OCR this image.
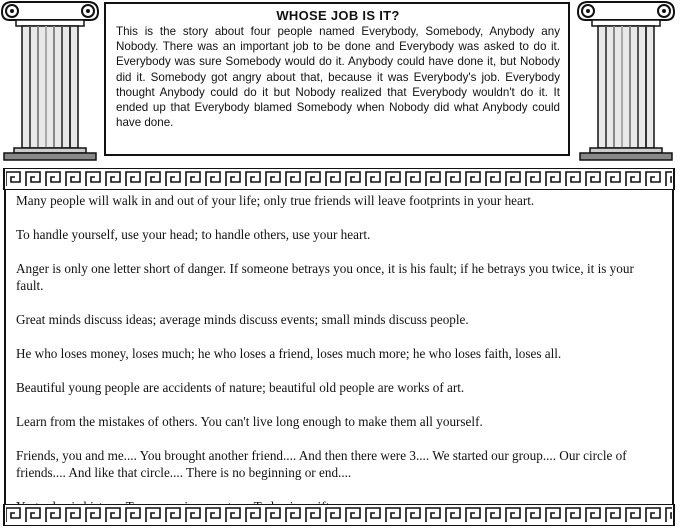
WHOSE JOB IS IT?

This is the story about four people named Everybody, Somebody, Anybody any Nobody. There was an important job to be done and Everybody was asked to do it. Everybody was sure Somebody would do it. Anybody could have done it, but Nobody did it. Somebody got angry about that, because it was Everybody's job. Everybody thought Anybody could do it but Nobody realized that Everybody wouldn't do it. It ended up that Everybody blamed Somebody when Nobody did what Anybody could have done.

Many people will walk in and out of your life; only true friends will leave footprints in your heart.

To handle yourself, use your head; to handle others, use your heart.

Anger is only one letter short of danger. If someone betrays you once, it is his fault; if he betrays you twice, it is your fault.

Great minds discuss ideas; average minds discuss events; small minds discuss people.

He who loses money, loses much; he who loses a friend, loses much more; he who loses faith, loses all.

Beautiful young people are accidents of nature; beautiful old people are works of art.

Learn from the mistakes of others. You can't live long enough to make them all yourself.

Friends, you and me.... You brought another friend.... And then there were 3.... We started our group.... Our circle of friends.... And like that circle.... There is no beginning or end....
